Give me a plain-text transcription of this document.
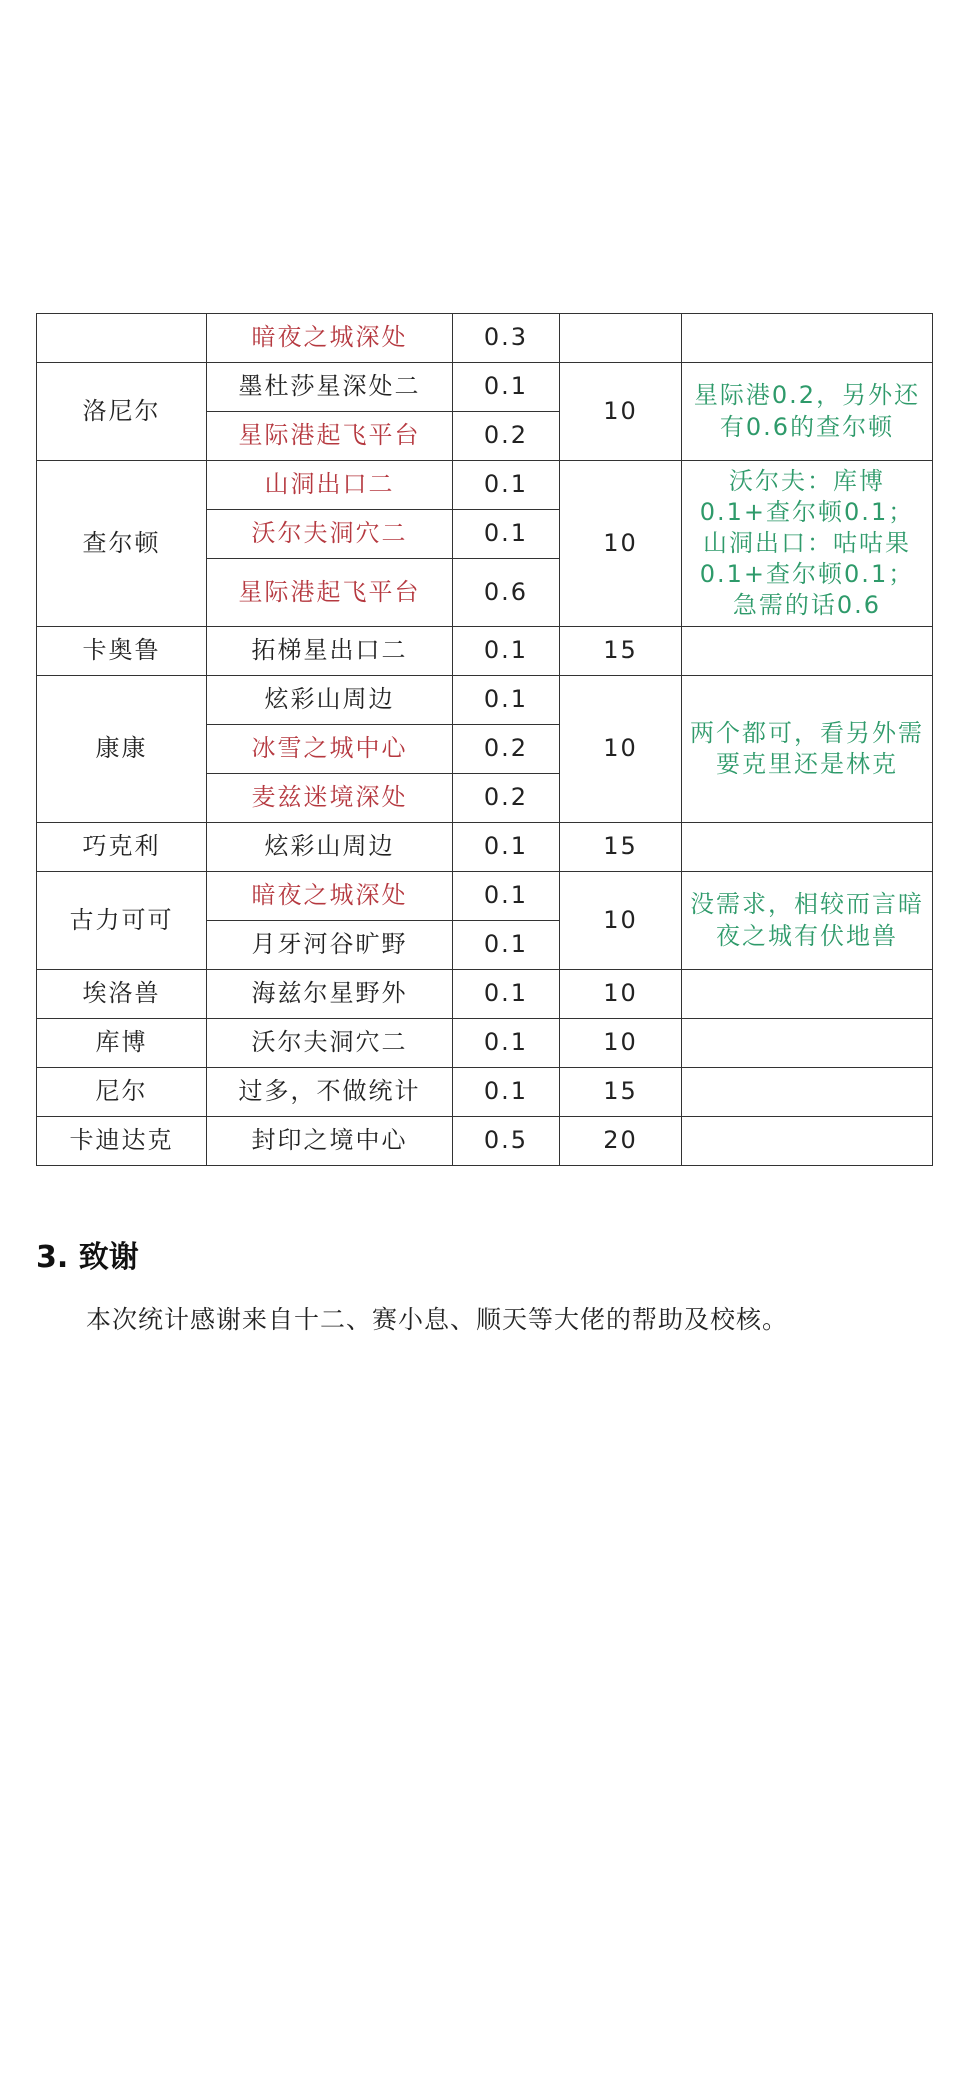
	暗夜之城深处	0.3		
洛尼尔	墨杜莎星深处二	0.1	10	星际港0.2，另外还有0.6的查尔顿
	星际港起飞平台	0.2		
查尔顿	山洞出口二	0.1	10	沃尔夫：库博0.1+查尔顿0.1；山洞出口：咕咕果0.1+查尔顿0.1；急需的话0.6
	沃尔夫洞穴二	0.1		
	星际港起飞平台	0.6		
卡奥鲁	拓梯星出口二	0.1	15	
康康	炫彩山周边	0.1	10	两个都可，看另外需要克里还是林克
	冰雪之城中心	0.2		
	麦兹迷境深处	0.2		
巧克利	炫彩山周边	0.1	15	
古力可可	暗夜之城深处	0.1	10	没需求，相较而言暗夜之城有伏地兽
	月牙河谷旷野	0.1		
埃洛兽	海兹尔星野外	0.1	10	
库博	沃尔夫洞穴二	0.1	10	
尼尔	过多，不做统计	0.1	15	
卡迪达克	封印之境中心	0.5	20	
3. 致谢
本次统计感谢来自十二、赛小息、顺天等大佬的帮助及校核。
